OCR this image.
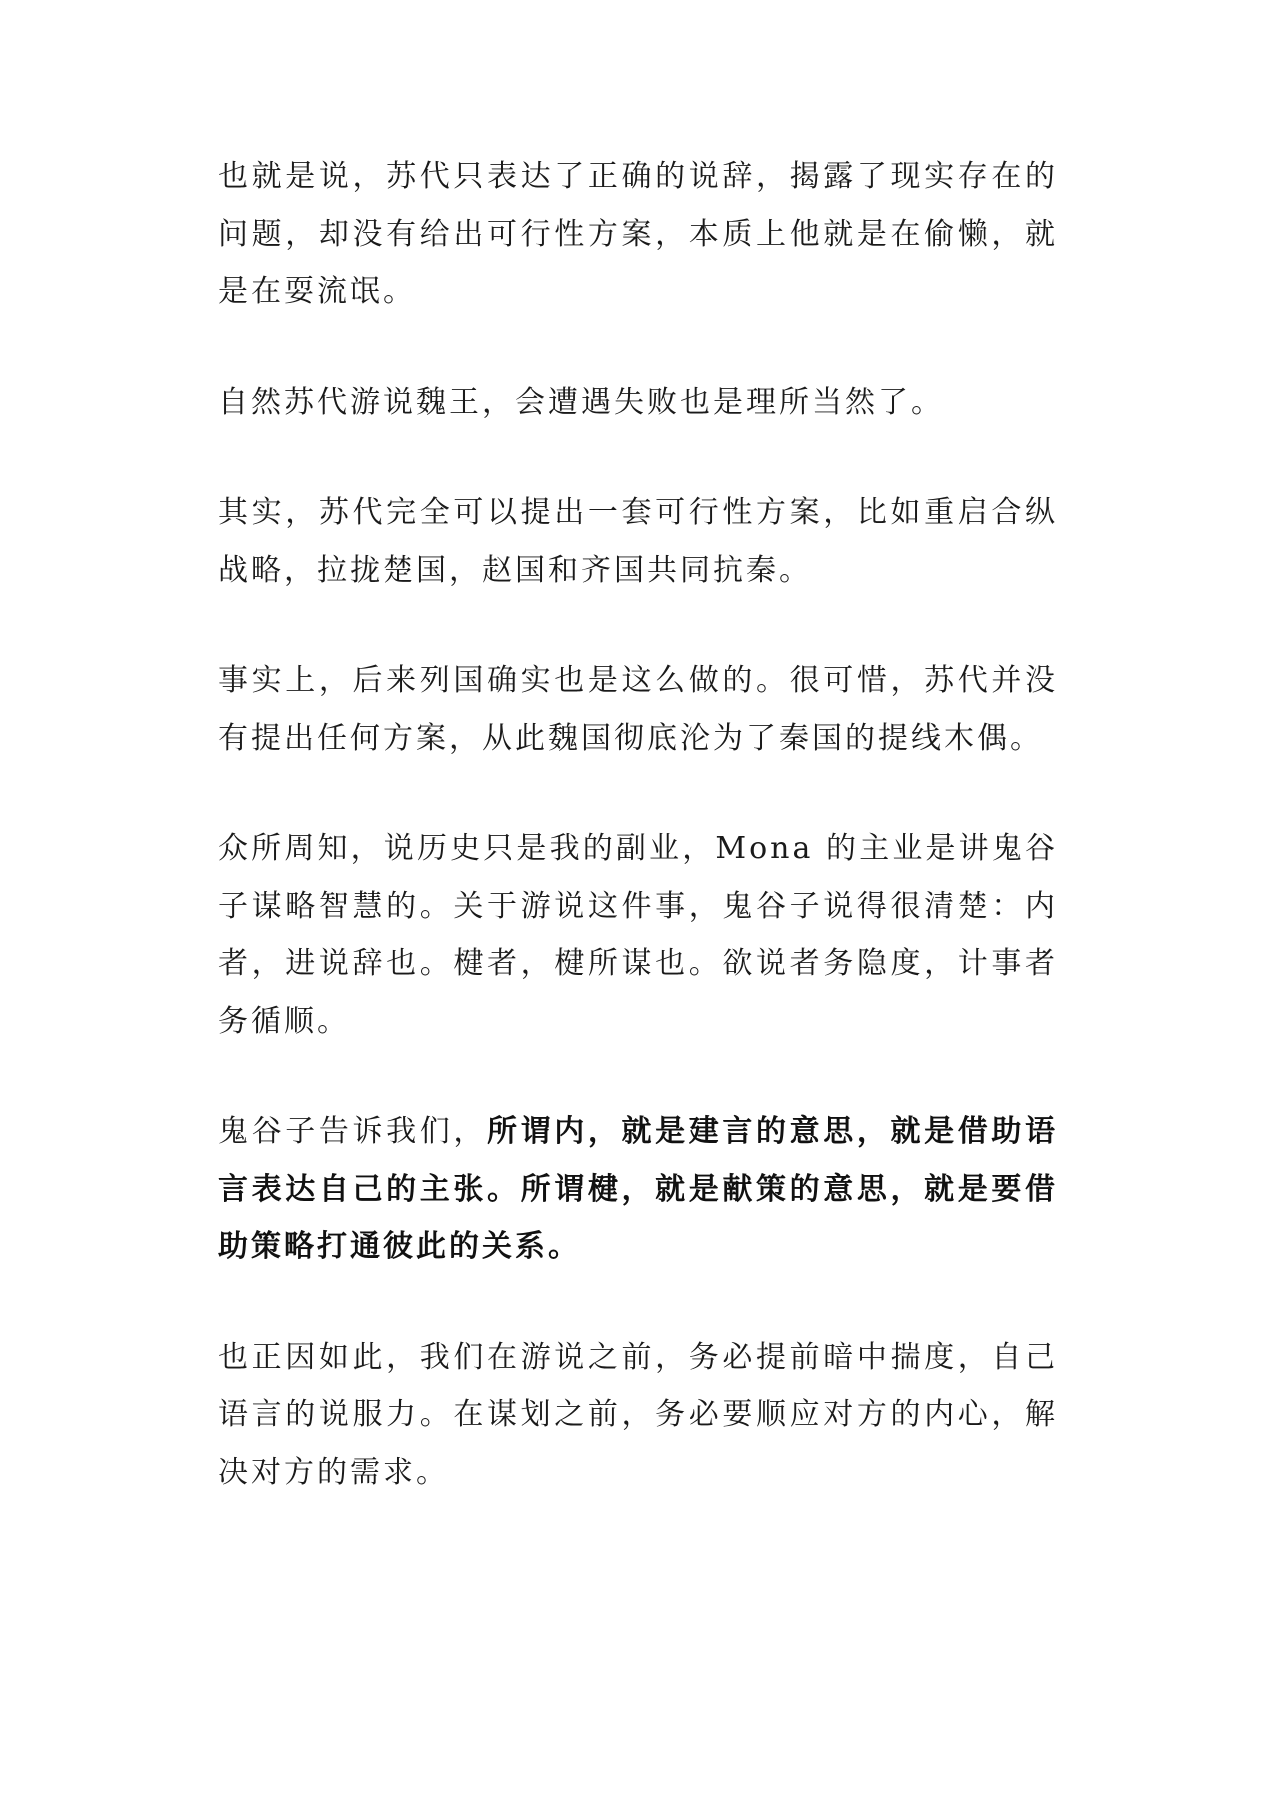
也就是说，苏代只表达了正确的说辞，揭露了现实存在的问题，却没有给出可行性方案，本质上他就是在偷懒，就是在耍流氓。

自然苏代游说魏王，会遭遇失败也是理所当然了。

其实，苏代完全可以提出一套可行性方案，比如重启合纵战略，拉拢楚国，赵国和齐国共同抗秦。

事实上，后来列国确实也是这么做的。很可惜，苏代并没有提出任何方案，从此魏国彻底沦为了秦国的提线木偶。

众所周知，说历史只是我的副业，Mona 的主业是讲鬼谷子谋略智慧的。关于游说这件事，鬼谷子说得很清楚：内者，进说辞也。楗者，楗所谋也。欲说者务隐度，计事者务循顺。

鬼谷子告诉我们，所谓内，就是建言的意思，就是借助语言表达自己的主张。所谓楗，就是献策的意思，就是要借助策略打通彼此的关系。

也正因如此，我们在游说之前，务必提前暗中揣度，自己语言的说服力。在谋划之前，务必要顺应对方的内心，解决对方的需求。
